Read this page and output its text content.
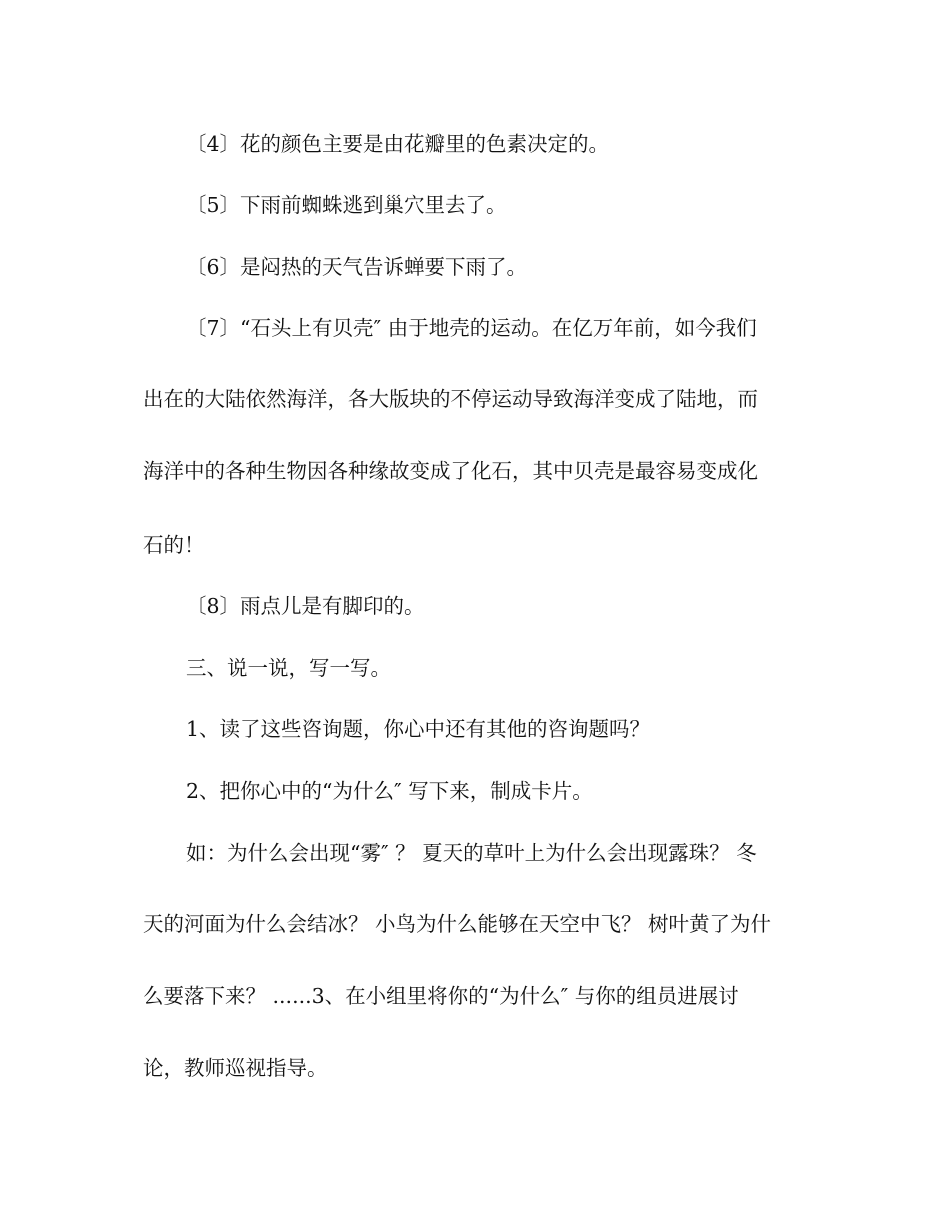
〔4〕花的颜色主要是由花瓣里的色素决定的。
〔5〕下雨前蜘蛛逃到巢穴里去了。
〔6〕是闷热的天气告诉蝉要下雨了。
〔7〕“石头上有贝壳″ 由于地壳的运动。在亿万年前，如今我们
出在的大陆依然海洋，各大版块的不停运动导致海洋变成了陆地，而
海洋中的各种生物因各种缘故变成了化石，其中贝壳是最容易变成化
石的！
〔8〕雨点儿是有脚印的。
三、说一说，写一写。
1、读了这些咨询题，你心中还有其他的咨询题吗？
2、把你心中的“为什么″ 写下来，制成卡片。
如：为什么会出现“雾″ ？ 夏天的草叶上为什么会出现露珠？ 冬
天的河面为什么会结冰？ 小鸟为什么能够在天空中飞？ 树叶黄了为什
么要落下来？ ......3、在小组里将你的“为什么″ 与你的组员进展讨
论，教师巡视指导。
